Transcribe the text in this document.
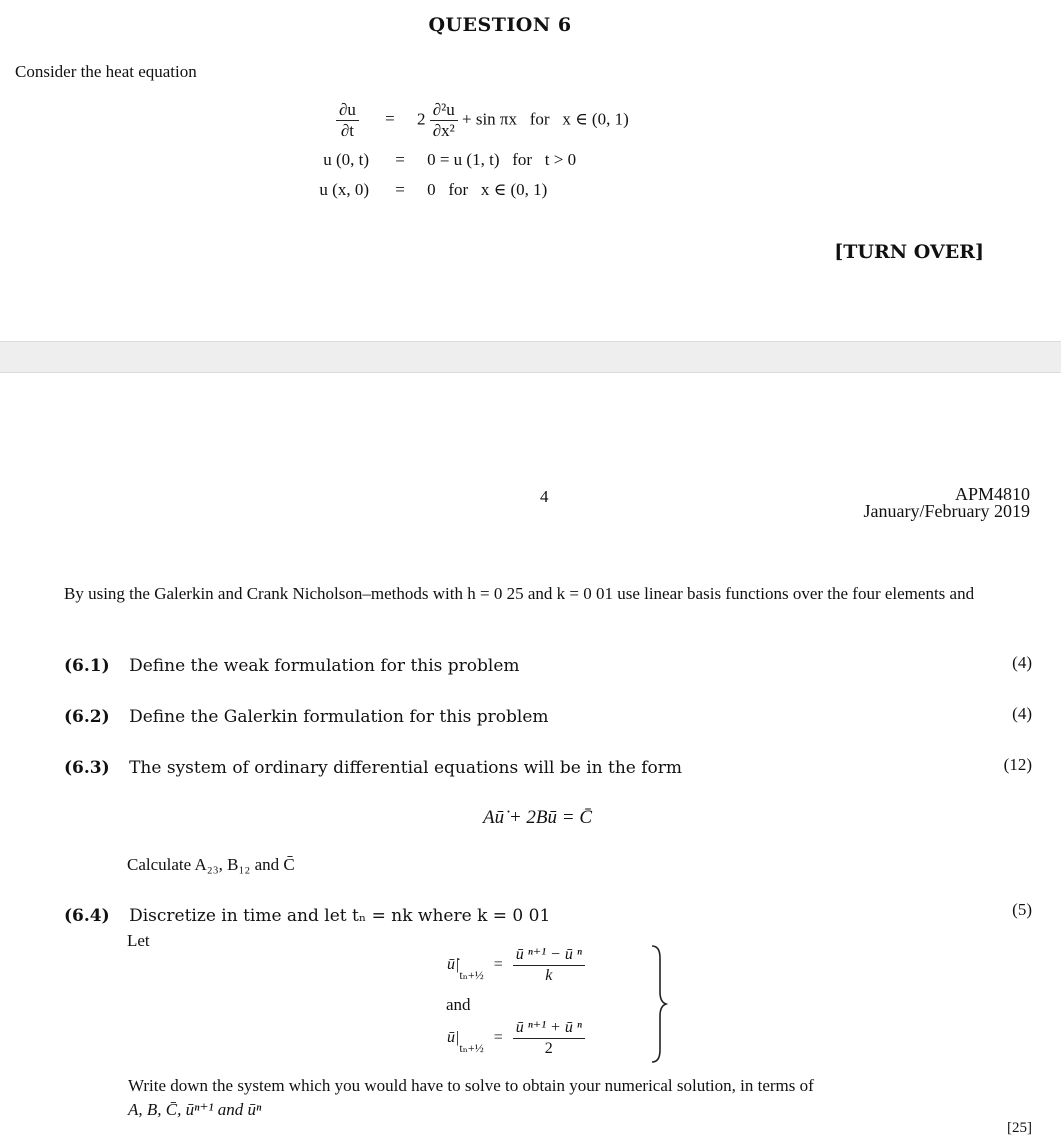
QUESTION 6
Consider the heat equation
$\frac{\partial u}{\partial t} = 2 \frac{\text{∂²u}}{\text{∂x²}} + \sin \pi x$   for   x ∈ (0, 1)
u (0, t) = 0 = u (1, t)   for   t > 0
u (x, 0) = 0   for   x ∈ (0, 1)
[TURN OVER]
4	APM4810
January/February 2019
By using the Galerkin and Crank Nicholson–methods with h = 0 25 and k = 0 01 use linear basis functions over the four elements and
(6.1) Define the weak formulation for this problem	(4)
(6.2) Define the Galerkin formulation for this problem	(4)
(6.3) The system of ordinary differential equations will be in the form	(12)
Aū̇ + 2Bū = C̄
Calculate A₂₃, B₁₂ and C̄
(6.4) Discretize in time and let tₙ = nk where k = 0 01	(5)
Let
$ū̇|_{t_n+\frac{1}{2}} = \frac{\text{ū ⁿ⁺¹ − ū ⁿ}}{k}$
and
$ū|_{t_n+\frac{1}{2}} = \frac{\text{ū ⁿ⁺¹ + ū ⁿ}}{2}$
Write down the system which you would have to solve to obtain your numerical solution, in terms of
A, B, C̄, ūⁿ⁺¹ and ūⁿ
[25]
